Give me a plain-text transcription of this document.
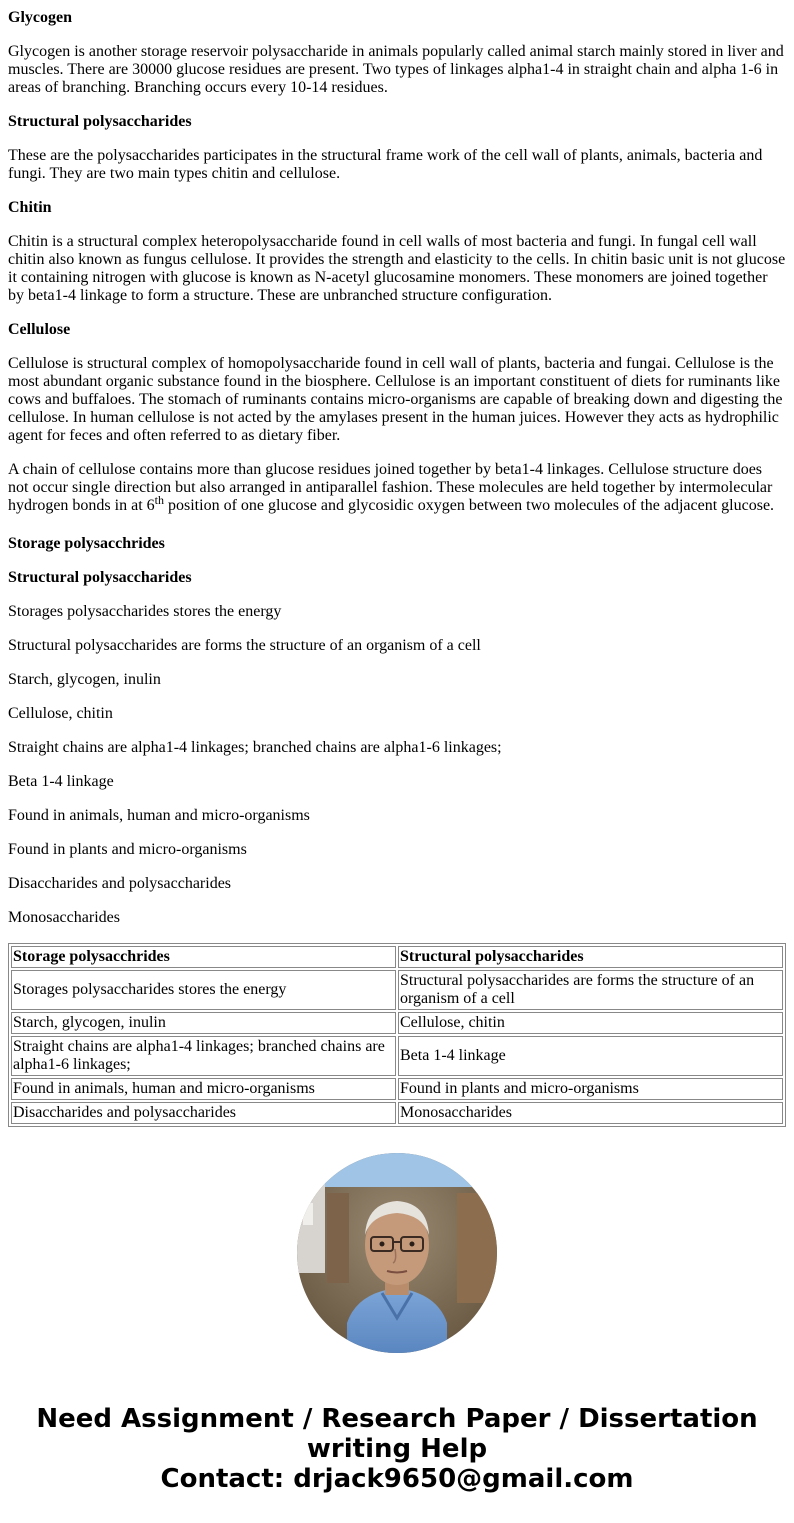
Glycogen
Glycogen is another storage reservoir polysaccharide in animals popularly called animal starch mainly stored in liver and muscles. There are 30000 glucose residues are present. Two types of linkages alpha1-4 in straight chain and alpha 1-6 in areas of branching. Branching occurs every 10-14 residues.
Structural polysaccharides
These are the polysaccharides participates in the structural frame work of the cell wall of plants, animals, bacteria and fungi. They are two main types chitin and cellulose.
Chitin
Chitin is a structural complex heteropolysaccharide found in cell walls of most bacteria and fungi. In fungal cell wall chitin also known as fungus cellulose. It provides the strength and elasticity to the cells. In chitin basic unit is not glucose it containing nitrogen with glucose is known as N-acetyl glucosamine monomers. These monomers are joined together by beta1-4 linkage to form a structure. These are unbranched structure configuration.
Cellulose
Cellulose is structural complex of homopolysaccharide found in cell wall of plants, bacteria and fungai. Cellulose is the most abundant organic substance found in the biosphere. Cellulose is an important constituent of diets for ruminants like cows and buffaloes. The stomach of ruminants contains micro-organisms are capable of breaking down and digesting the cellulose. In human cellulose is not acted by the amylases present in the human juices. However they acts as hydrophilic agent for feces and often referred to as dietary fiber.
A chain of cellulose contains more than glucose residues joined together by beta1-4 linkages. Cellulose structure does not occur single direction but also arranged in antiparallel fashion. These molecules are held together by intermolecular hydrogen bonds in at 6th position of one glucose and glycosidic oxygen between two molecules of the adjacent glucose.
Storage polysacchrides
Structural polysaccharides
Storages polysaccharides stores the energy
Structural polysaccharides are forms the structure of an organism of a cell
Starch, glycogen, inulin
Cellulose, chitin
Straight chains are alpha1-4 linkages; branched chains are alpha1-6 linkages;
Beta 1-4 linkage
Found in animals, human and micro-organisms
Found in plants and micro-organisms
Disaccharides and polysaccharides
Monosaccharides
Storage polysacchrides	Structural polysaccharides
Storages polysaccharides stores the energy	Structural polysaccharides are forms the structure of an organism of a cell
Starch, glycogen, inulin	Cellulose, chitin
Straight chains are alpha1-4 linkages; branched chains are alpha1-6 linkages;	Beta 1-4 linkage
Found in animals, human and micro-organisms	Found in plants and micro-organisms
Disaccharides and polysaccharides	Monosaccharides
Need Assignment / Research Paper / Dissertation writing Help
Contact: drjack9650@gmail.com
